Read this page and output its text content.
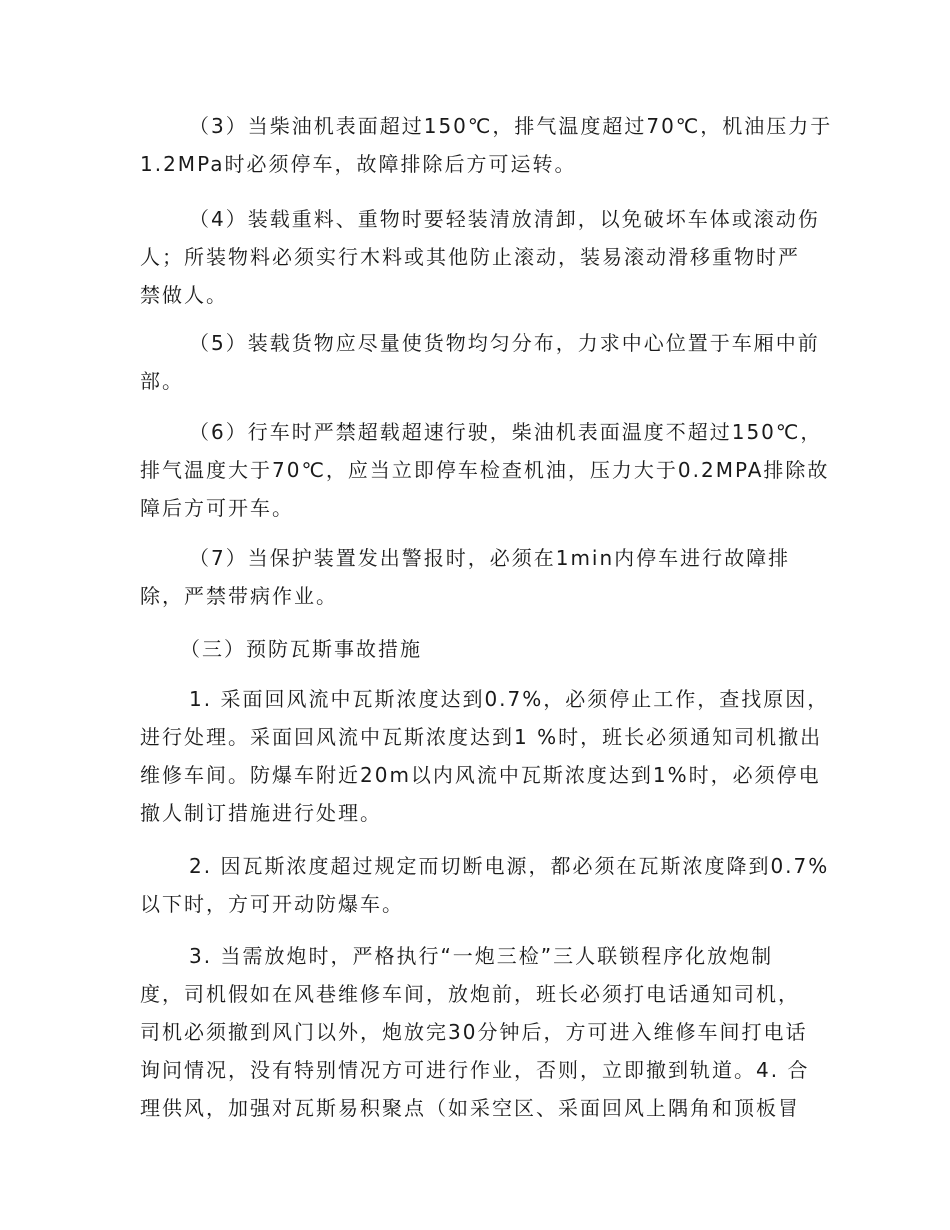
（3）当柴油机表面超过150℃，排气温度超过70℃，机油压力于
1.2MPa时必须停车，故障排除后方可运转。
（4）装载重料、重物时要轻装清放清卸，以免破坏车体或滚动伤
人；所装物料必须实行木料或其他防止滚动，装易滚动滑移重物时严
禁做人。
（5）装载货物应尽量使货物均匀分布，力求中心位置于车厢中前
部。
（6）行车时严禁超载超速行驶，柴油机表面温度不超过150℃，
排气温度大于70℃，应当立即停车检查机油，压力大于0.2MPA排除故
障后方可开车。
（7）当保护装置发出警报时，必须在1min内停车进行故障排
除，严禁带病作业。
（三）预防瓦斯事故措施
1. 采面回风流中瓦斯浓度达到0.7%，必须停止工作，查找原因，
进行处理。采面回风流中瓦斯浓度达到1 %时，班长必须通知司机撤出
维修车间。防爆车附近20m以内风流中瓦斯浓度达到1%时，必须停电
撤人制订措施进行处理。
2. 因瓦斯浓度超过规定而切断电源，都必须在瓦斯浓度降到0.7%
以下时，方可开动防爆车。
3. 当需放炮时，严格执行“一炮三检”三人联锁程序化放炮制
度，司机假如在风巷维修车间，放炮前，班长必须打电话通知司机，
司机必须撤到风门以外，炮放完30分钟后，方可进入维修车间打电话
询问情况，没有特别情况方可进行作业，否则，立即撤到轨道。4. 合
理供风，加强对瓦斯易积聚点（如采空区、采面回风上隅角和顶板冒
